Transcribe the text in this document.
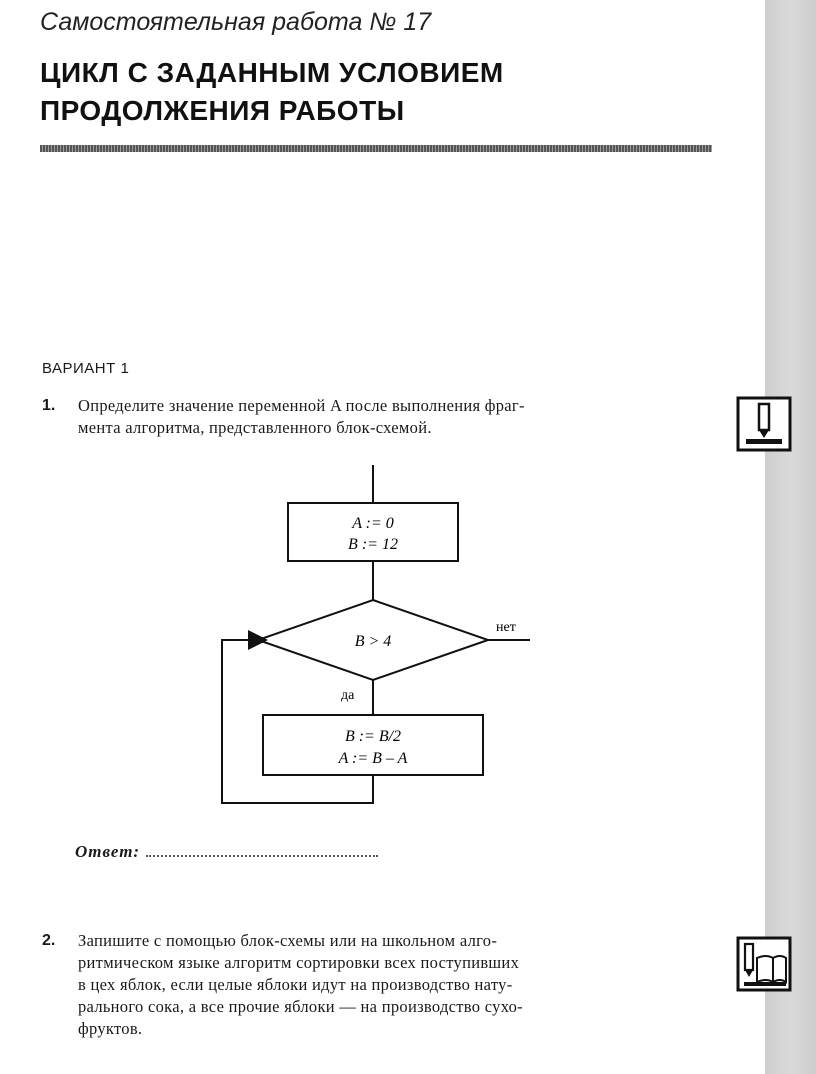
Самостоятельная работа № 17
ЦИКЛ С ЗАДАННЫМ УСЛОВИЕМ
ПРОДОЛЖЕНИЯ РАБОТЫ
ВАРИАНТ 1
1. Определите значение переменной A после выполнения фраг-
мента алгоритма, представленного блок-схемой.
A := 0
B := 12
B > 4
нет
да
B := B/2
A := B – A
Ответ:
2. Запишите с помощью блок-схемы или на школьном алго-
ритмическом языке алгоритм сортировки всех поступивших
в цех яблок, если целые яблоки идут на производство нату-
рального сока, а все прочие яблоки — на производство сухо-
фруктов.
